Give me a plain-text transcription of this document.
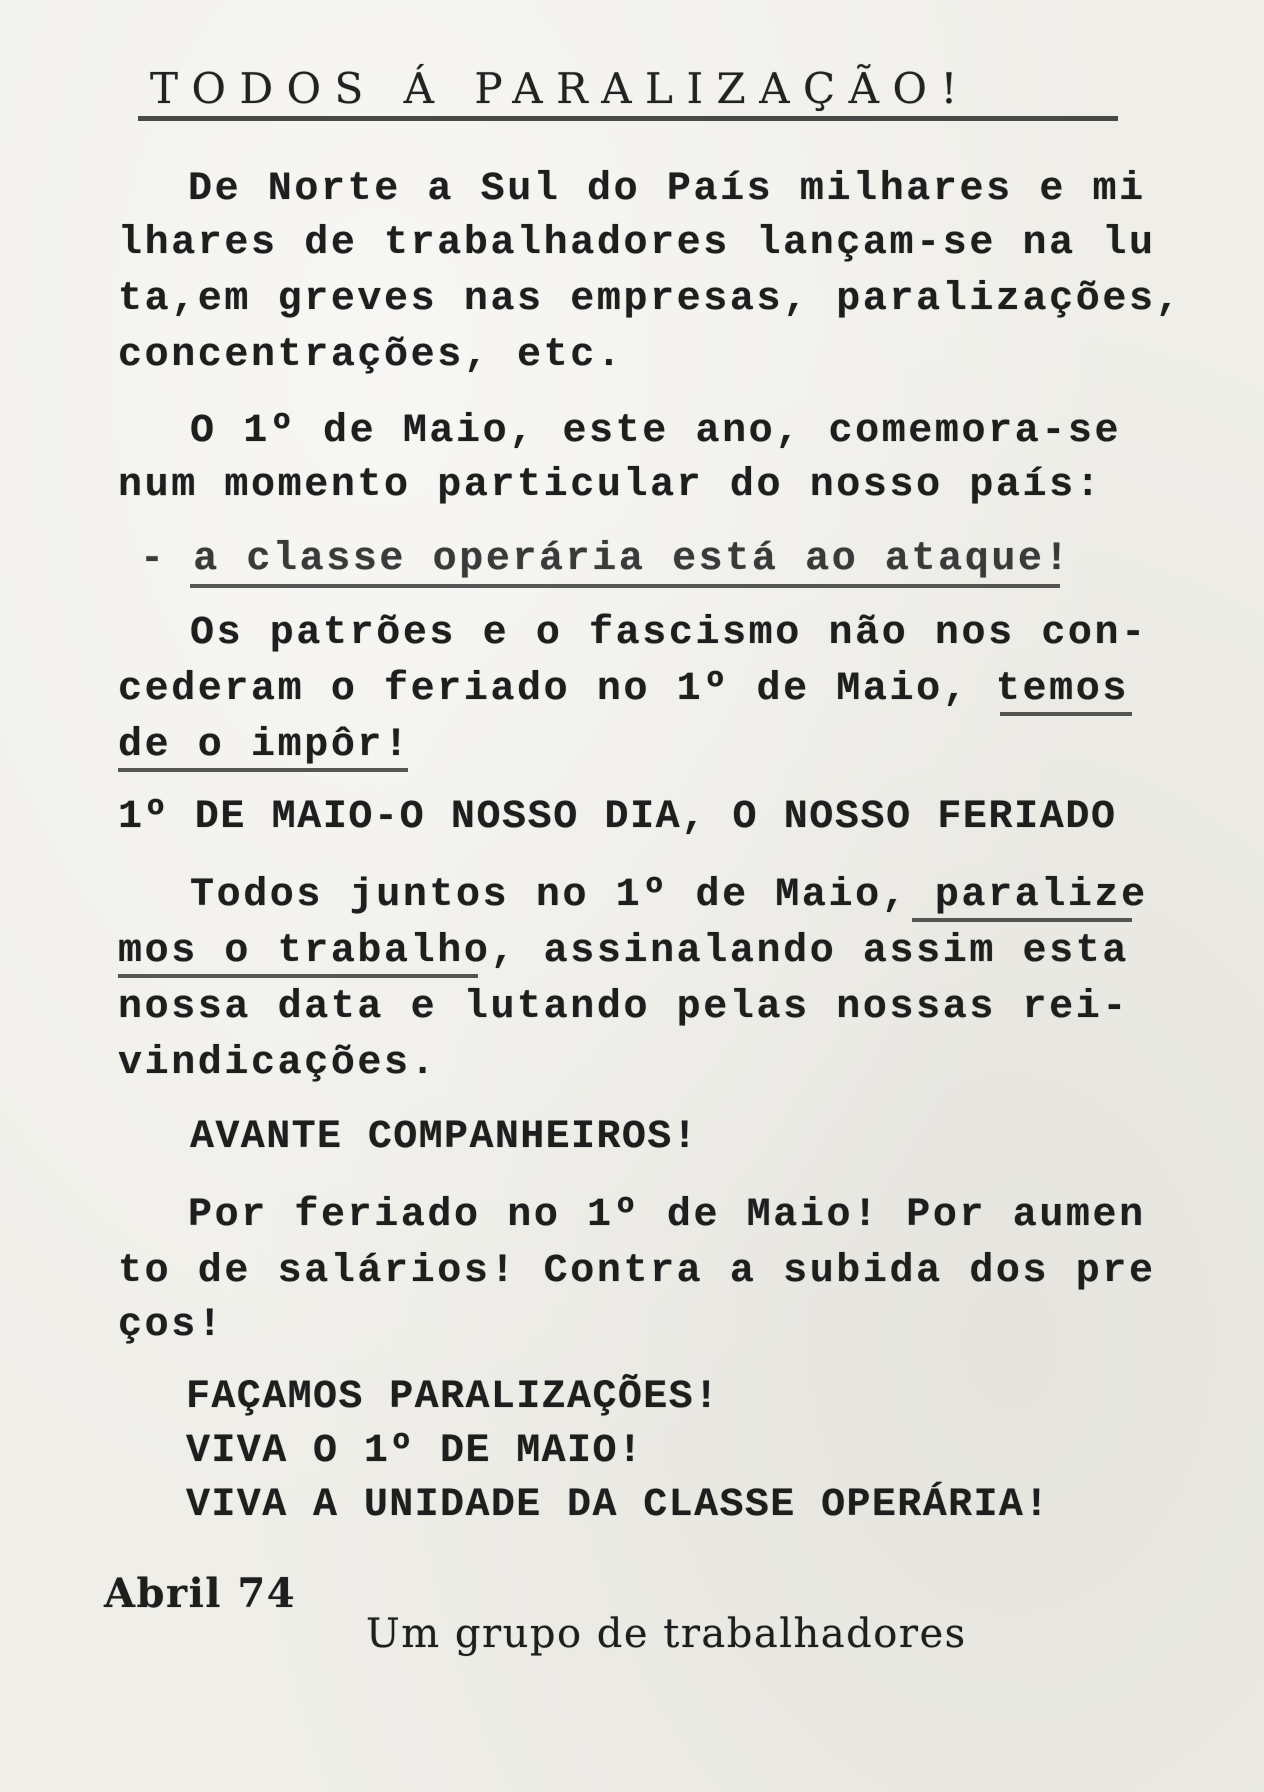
TODOS Á PARALIZAÇÃO!
De Norte a Sul do País milhares e mi
lhares de trabalhadores lançam-se na lu
ta,em greves nas empresas, paralizações,
concentrações, etc.
O 1º de Maio, este ano, comemora-se
num momento particular do nosso país:
- a classe operária está ao ataque!
Os patrões e o fascismo não nos con-
cederam o feriado no 1º de Maio, temos
de o impôr!
1º DE MAIO-O NOSSO DIA, O NOSSO FERIADO
Todos juntos no 1º de Maio, paralize
mos o trabalho, assinalando assim esta
nossa data e lutando pelas nossas rei-
vindicações.
AVANTE COMPANHEIROS!
Por feriado no 1º de Maio! Por aumen
to de salários! Contra a subida dos pre
ços!
FAÇAMOS PARALIZAÇÕES!
VIVA O 1º DE MAIO!
VIVA A UNIDADE DA CLASSE OPERÁRIA!
Abril 74
Um grupo de trabalhadores
